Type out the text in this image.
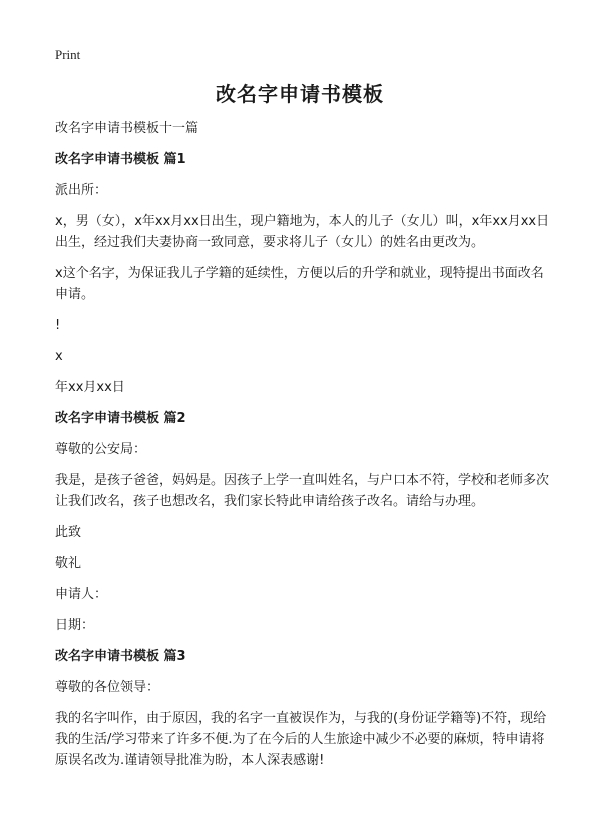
Print
改名字申请书模板
改名字申请书模板十一篇
改名字申请书模板 篇1
派出所：
x，男（女），x年xx月xx日出生，现户籍地为，本人的儿子（女儿）叫，x年xx月xx日出生，经过我们夫妻协商一致同意，要求将儿子（女儿）的姓名由更改为。
x这个名字，为保证我儿子学籍的延续性，方便以后的升学和就业，现特提出书面改名申请。
!
x
年xx月xx日
改名字申请书模板 篇2
尊敬的公安局：
我是，是孩子爸爸，妈妈是。因孩子上学一直叫姓名，与户口本不符，学校和老师多次让我们改名，孩子也想改名，我们家长特此申请给孩子改名。请给与办理。
此致
敬礼
申请人：
日期：
改名字申请书模板 篇3
尊敬的各位领导：
我的名字叫作，由于原因，我的名字一直被误作为，与我的(身份证学籍等)不符，现给我的生活/学习带来了许多不便.为了在今后的人生旅途中减少不必要的麻烦，特申请将原误名改为.谨请领导批准为盼，本人深表感谢!
